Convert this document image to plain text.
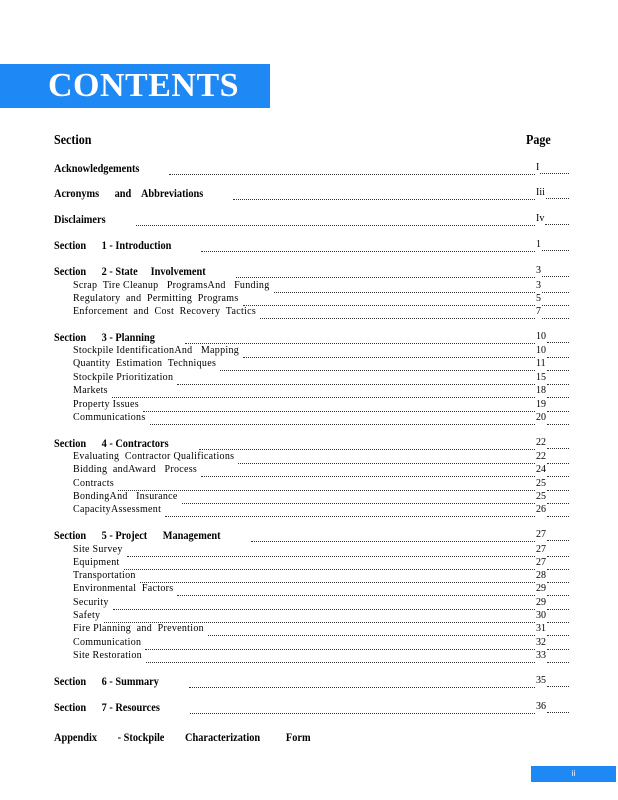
CONTENTS
Section	Page
Acknowledgements	I
Acronyms      and    Abbreviations	Iii
Disclaimers	Iv
Section      1 - Introduction	1
Section      2 - State     Involvement	3
Scrap  Tire Cleanup   ProgramsAnd   Funding	3
Regulatory  and  Permitting  Programs	5
Enforcement  and  Cost  Recovery  Tactics	7
Section      3 - Planning	10
Stockpile IdentificationAnd   Mapping	10
Quantity  Estimation  Techniques	11
Stockpile Prioritization	15
Markets	18
Property Issues	19
Communications	20
Section      4 - Contractors	22
Evaluating  Contractor Qualifications	22
Bidding  andAward   Process	24
Contracts	25
BondingAnd   Insurance	25
CapacityAssessment	26
Section      5 - Project      Management	27
Site Survey	27
Equipment	27
Transportation	28
Environmental  Factors	29
Security	29
Safety	30
Fire Planning  and  Prevention	31
Communication	32
Site Restoration	33
Section      6 - Summary	35
Section      7 - Resources	36
Appendix        - Stockpile        Characterization          Form
ii
